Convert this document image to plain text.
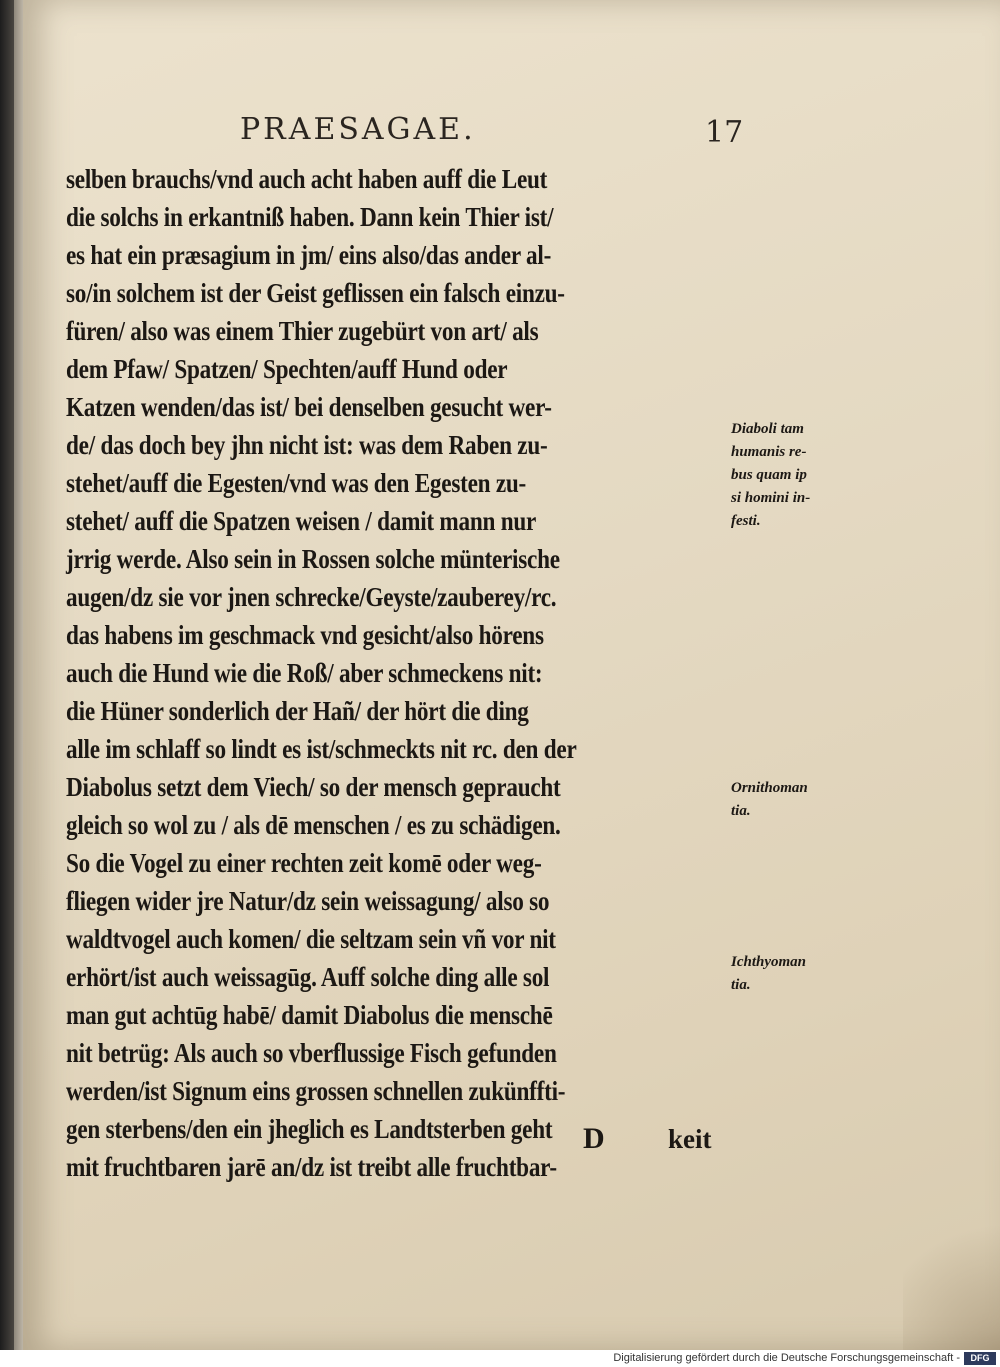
PRAESAGAE.	17
selben brauchs/vnd auch acht haben auff die Leut
die solchs in erkantniß haben. Dann kein Thier ist/
es hat ein præsagium in jm/ eins also/das ander al-
so/in solchem ist der Geist geflissen ein falsch einzu-
füren/ also was einem Thier zugebürt von art/ als
dem Pfaw/ Spatzen/ Spechten/auff Hund oder
Katzen wenden/das ist/ bei denselben gesucht wer-
de/ das doch bey jhn nicht ist: was dem Raben zu-
stehet/auff die Egesten/vnd was den Egesten zu-
stehet/ auff die Spatzen weisen / damit mann nur
jrrig werde. Also sein in Rossen solche münterische
augen/dz sie vor jnen schrecke/Geyste/zauberey/rc.
das habens im geschmack vnd gesicht/also hörens
auch die Hund wie die Roß/ aber schmeckens nit:
die Hüner sonderlich der Hañ/ der hört die ding
alle im schlaff so lindt es ist/schmeckts nit rc. den der
Diabolus setzt dem Viech/ so der mensch gepraucht
gleich so wol zu / als dē menschen / es zu schädigen.
So die Vogel zu einer rechten zeit komē oder weg-
fliegen wider jre Natur/dz sein weissagung/ also so
waldtvogel auch komen/ die seltzam sein vñ vor nit
erhört/ist auch weissagūg. Auff solche ding alle sol
man gut achtūg habē/ damit Diabolus die menschē
nit betrüg: Als auch so vberflussige Fisch gefunden
werden/ist Signum eins grossen schnellen zukünffti-
gen sterbens/den ein jheglich es Landtsterben geht
mit fruchtbaren jarē an/dz ist treibt alle fruchtbar-
D keit
Diaboli tam
humanis re-
bus quam ip
si homini in-
festi.
Ornithoman
tia.
Ichthyoman
tia.
Digitalisierung gefördert durch die Deutsche Forschungsgemeinschaft -	DFG
